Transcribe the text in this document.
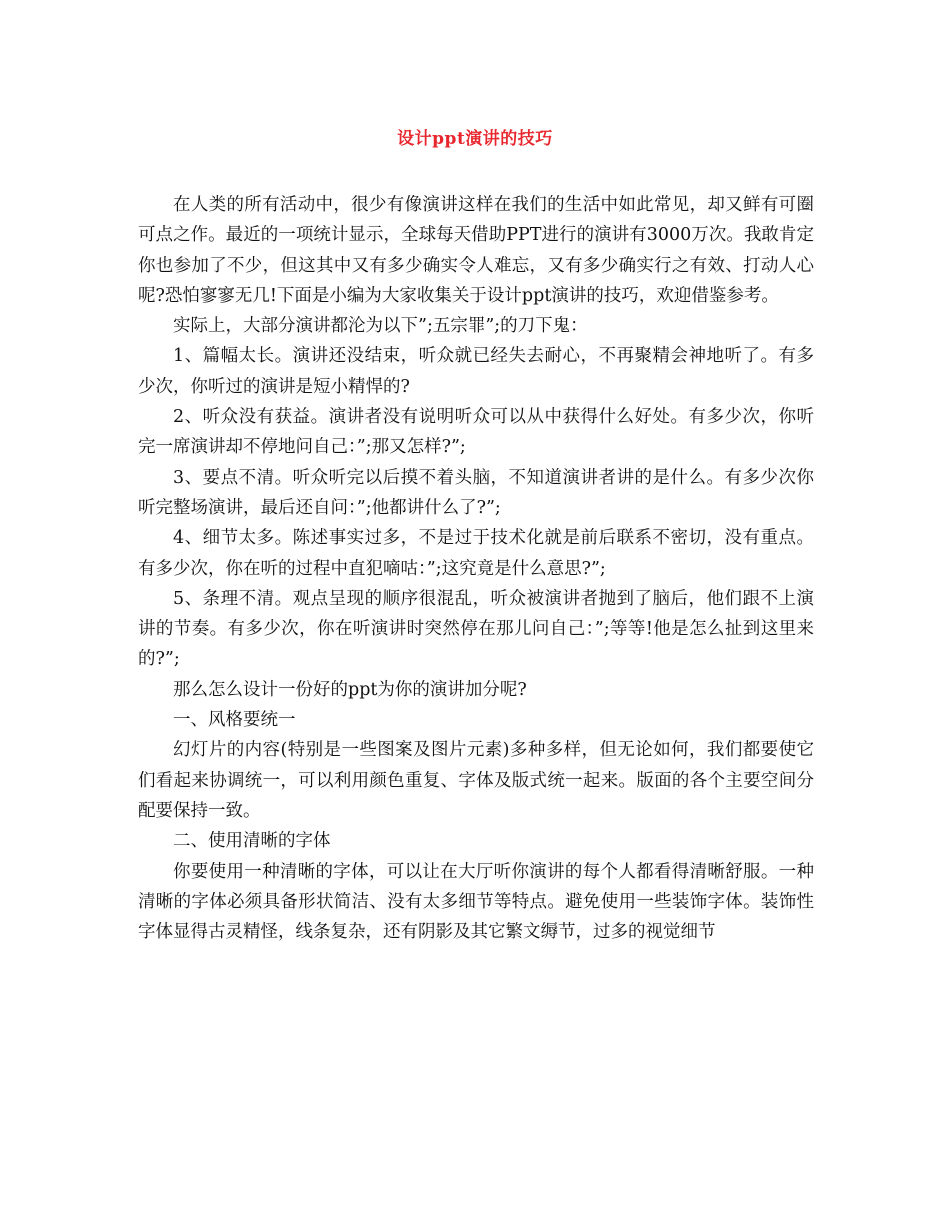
设计ppt演讲的技巧

在人类的所有活动中，很少有像演讲这样在我们的生活中如此常见，却又鲜有可圈可点之作。最近的一项统计显示，全球每天借助PPT进行的演讲有3000万次。我敢肯定你也参加了不少，但这其中又有多少确实令人难忘，又有多少确实行之有效、打动人心呢?恐怕寥寥无几!下面是小编为大家收集关于设计ppt演讲的技巧，欢迎借鉴参考。

实际上，大部分演讲都沦为以下”;五宗罪”;的刀下鬼：

1、篇幅太长。演讲还没结束，听众就已经失去耐心，不再聚精会神地听了。有多少次，你听过的演讲是短小精悍的?

2、听众没有获益。演讲者没有说明听众可以从中获得什么好处。有多少次，你听完一席演讲却不停地问自己：”;那又怎样?”;

3、要点不清。听众听完以后摸不着头脑，不知道演讲者讲的是什么。有多少次你听完整场演讲，最后还自问：”;他都讲什么了?”;

4、细节太多。陈述事实过多，不是过于技术化就是前后联系不密切，没有重点。有多少次，你在听的过程中直犯嘀咕：”;这究竟是什么意思?”;

5、条理不清。观点呈现的顺序很混乱，听众被演讲者抛到了脑后，他们跟不上演讲的节奏。有多少次，你在听演讲时突然停在那儿问自己：”;等等!他是怎么扯到这里来的?”;

那么怎么设计一份好的ppt为你的演讲加分呢?

一、风格要统一

幻灯片的内容(特别是一些图案及图片元素)多种多样，但无论如何，我们都要使它们看起来协调统一，可以利用颜色重复、字体及版式统一起来。版面的各个主要空间分配要保持一致。

二、使用清晰的字体

你要使用一种清晰的字体，可以让在大厅听你演讲的每个人都看得清晰舒服。一种清晰的字体必须具备形状简洁、没有太多细节等特点。避免使用一些装饰字体。装饰性字体显得古灵精怪，线条复杂，还有阴影及其它繁文缛节，过多的视觉细节
